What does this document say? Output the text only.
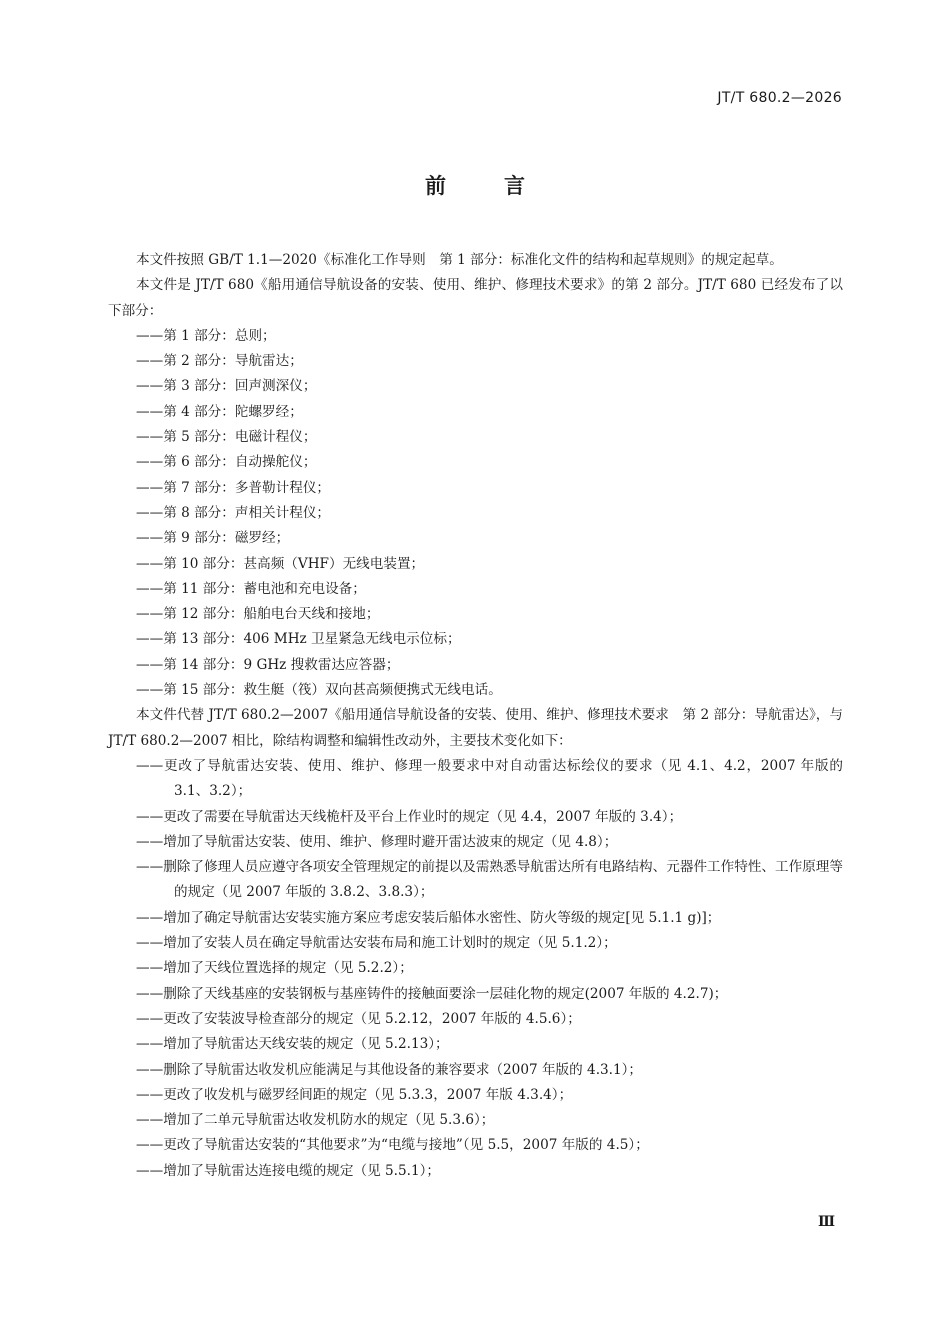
JT/T 680.2—2026
前言

本文件按照 GB/T 1.1—2020《标准化工作导则　第 1 部分：标准化文件的结构和起草规则》的规定起草。

本文件是 JT/T 680《船用通信导航设备的安装、使用、维护、修理技术要求》的第 2 部分。JT/T 680 已经发布了以下部分：

——第 1 部分：总则；

——第 2 部分：导航雷达；

——第 3 部分：回声测深仪；

——第 4 部分：陀螺罗经；

——第 5 部分：电磁计程仪；

——第 6 部分：自动操舵仪；

——第 7 部分：多普勒计程仪；

——第 8 部分：声相关计程仪；

——第 9 部分：磁罗经；

——第 10 部分：甚高频（VHF）无线电装置；

——第 11 部分：蓄电池和充电设备；

——第 12 部分：船舶电台天线和接地；

——第 13 部分：406 MHz 卫星紧急无线电示位标；

——第 14 部分：9 GHz 搜救雷达应答器；

——第 15 部分：救生艇（筏）双向甚高频便携式无线电话。

本文件代替 JT/T 680.2—2007《船用通信导航设备的安装、使用、维护、修理技术要求　第 2 部分：导航雷达》，与 JT/T 680.2—2007 相比，除结构调整和编辑性改动外，主要技术变化如下：

——更改了导航雷达安装、使用、维护、修理一般要求中对自动雷达标绘仪的要求（见 4.1、4.2，2007 年版的 3.1、3.2）；

——更改了需要在导航雷达天线桅杆及平台上作业时的规定（见 4.4，2007 年版的 3.4）；

——增加了导航雷达安装、使用、维护、修理时避开雷达波束的规定（见 4.8）；

——删除了修理人员应遵守各项安全管理规定的前提以及需熟悉导航雷达所有电路结构、元器件工作特性、工作原理等的规定（见 2007 年版的 3.8.2、3.8.3）；

——增加了确定导航雷达安装实施方案应考虑安装后船体水密性、防火等级的规定[见 5.1.1 g)]；

——增加了安装人员在确定导航雷达安装布局和施工计划时的规定（见 5.1.2）；

——增加了天线位置选择的规定（见 5.2.2）；

——删除了天线基座的安装钢板与基座铸件的接触面要涂一层硅化物的规定(2007 年版的 4.2.7)；

——更改了安装波导检查部分的规定（见 5.2.12，2007 年版的 4.5.6）；

——增加了导航雷达天线安装的规定（见 5.2.13）；

——删除了导航雷达收发机应能满足与其他设备的兼容要求（2007 年版的 4.3.1）；

——更改了收发机与磁罗经间距的规定（见 5.3.3，2007 年版 4.3.4）；

——增加了二单元导航雷达收发机防水的规定（见 5.3.6）；

——更改了导航雷达安装的“其他要求”为“电缆与接地”（见 5.5，2007 年版的 4.5）；

——增加了导航雷达连接电缆的规定（见 5.5.1）；

Ⅲ
